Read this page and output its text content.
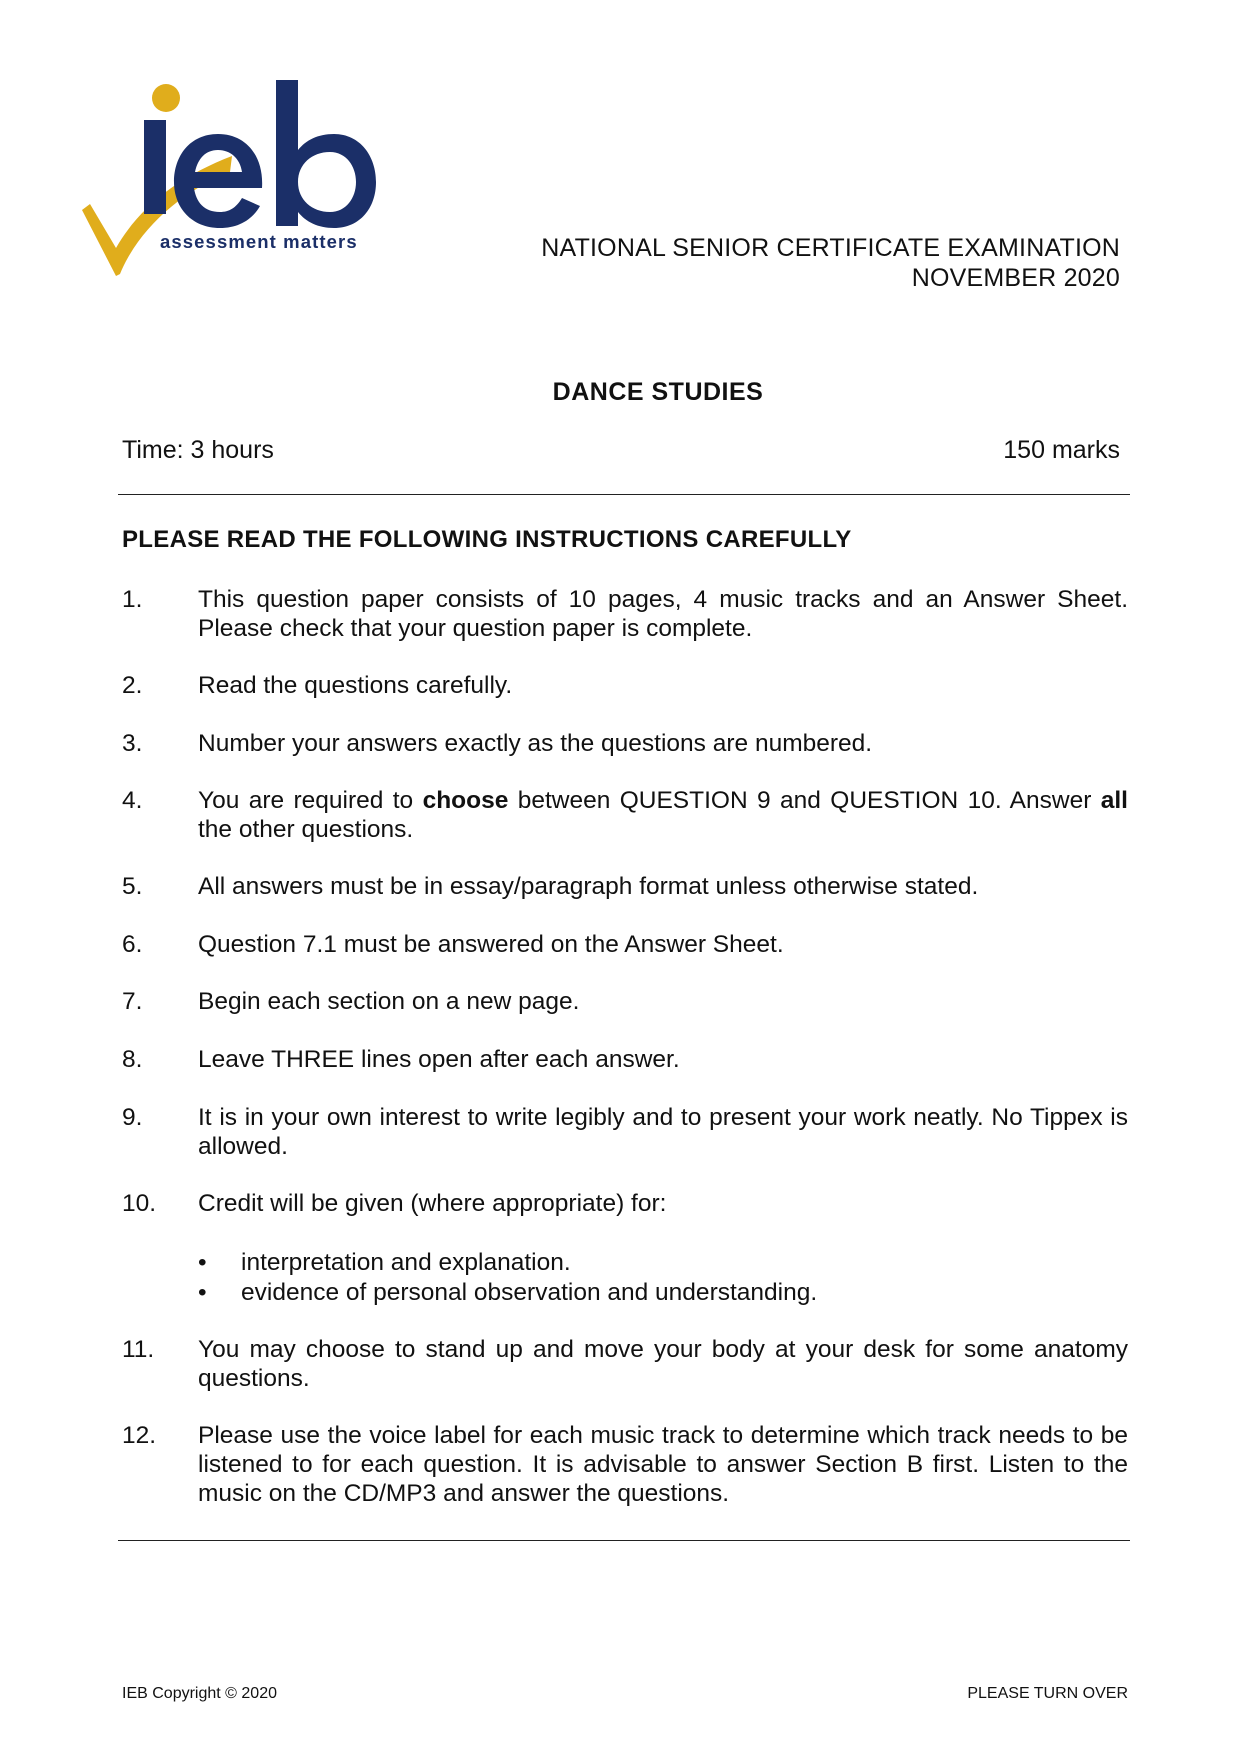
assessment matters	NATIONAL SENIOR CERTIFICATE EXAMINATION
NOVEMBER 2020
DANCE STUDIES
Time: 3 hours	150 marks
PLEASE READ THE FOLLOWING INSTRUCTIONS CAREFULLY
1. This question paper consists of 10 pages, 4 music tracks and an Answer Sheet. Please check that your question paper is complete.
2. Read the questions carefully.
3. Number your answers exactly as the questions are numbered.
4. You are required to choose between QUESTION 9 and QUESTION 10. Answer all the other questions.
5. All answers must be in essay/paragraph format unless otherwise stated.
6. Question 7.1 must be answered on the Answer Sheet.
7. Begin each section on a new page.
8. Leave THREE lines open after each answer.
9. It is in your own interest to write legibly and to present your work neatly. No Tippex is allowed.
10. Credit will be given (where appropriate) for:
• interpretation and explanation.
• evidence of personal observation and understanding.
11. You may choose to stand up and move your body at your desk for some anatomy questions.
12. Please use the voice label for each music track to determine which track needs to be listened to for each question. It is advisable to answer Section B first. Listen to the music on the CD/MP3 and answer the questions.
IEB Copyright © 2020	PLEASE TURN OVER
